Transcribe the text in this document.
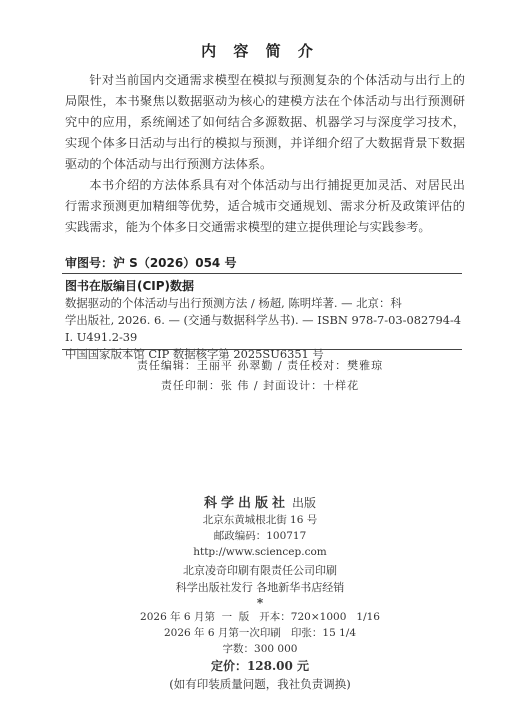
内 容 简 介

针对当前国内交通需求模型在模拟与预测复杂的个体活动与出行上的局限性，本书聚焦以数据驱动为核心的建模方法在个体活动与出行预测研究中的应用，系统阐述了如何结合多源数据、机器学习与深度学习技术，实现个体多日活动与出行的模拟与预测，并详细介绍了大数据背景下数据驱动的个体活动与出行预测方法体系。

本书介绍的方法体系具有对个体活动与出行捕捉更加灵活、对居民出行需求预测更加精细等优势，适合城市交通规划、需求分析及政策评估的实践需求，能为个体多日交通需求模型的建立提供理论与实践参考。

审图号：沪 S（2026）054 号
图书在版编目(CIP)数据
数据驱动的个体活动与出行预测方法 / 杨超, 陈明垟著. — 北京：科
学出版社, 2026. 6. — (交通与数据科学丛书). — ISBN 978-7-03-082794-4
Ⅰ. U491.2-39
中国国家版本馆 CIP 数据核字第 2025SU6351 号
责任编辑：王丽平 孙翠勤 / 责任校对：樊雅琼
责任印制：张 伟 / 封面设计：十样花
科学出版社 出版
北京东黄城根北街 16 号
邮政编码：100717
http://www.sciencep.com
北京凌奇印刷有限责任公司印刷
科学出版社发行 各地新华书店经销
*
2026 年 6 月第  一  版   开本：720×1000   1/16
2026 年 6 月第一次印刷   印张：15 1/4
字数：300 000
定价：128.00 元
(如有印装质量问题，我社负责调换)
